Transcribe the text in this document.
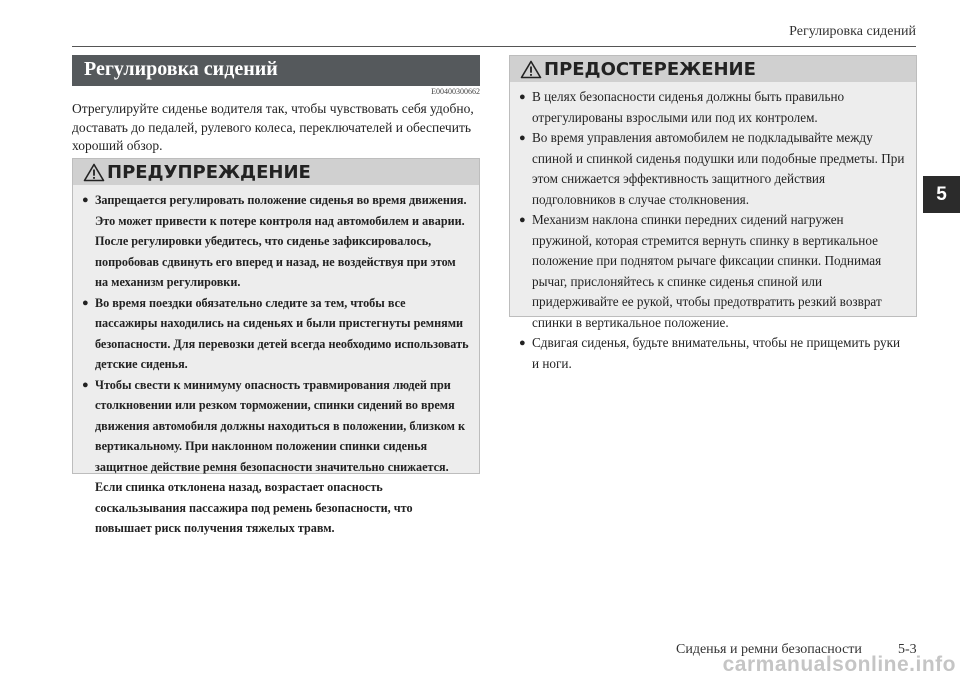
Регулировка сидений
Регулировка сидений
E00400300662
Отрегулируйте сиденье водителя так, чтобы чувствовать себя удобно, доставать до педалей, рулевого колеса, переключателей и обеспечить хороший обзор.
ПРЕДУПРЕЖДЕНИЕ
● Запрещается регулировать положение сиденья во время движения. Это может привести к потере контроля над автомобилем и аварии. После регулировки убедитесь, что сиденье зафиксировалось, попробовав сдвинуть его вперед и назад, не воздействуя при этом на механизм регулировки.
● Во время поездки обязательно следите за тем, чтобы все пассажиры находились на сиденьях и были пристегнуты ремнями безопасности. Для перевозки детей всегда необходимо использовать детские сиденья.
● Чтобы свести к минимуму опасность травмирования людей при столкновении или резком торможении, спинки сидений во время движения автомобиля должны находиться в положении, близком к вертикальному. При наклонном положении спинки сиденья защитное действие ремня безопасности значительно снижается. Если спинка отклонена назад, возрастает опасность соскальзывания пассажира под ремень безопасности, что повышает риск получения тяжелых травм.
ПРЕДОСТЕРЕЖЕНИЕ
● В целях безопасности сиденья должны быть правильно отрегулированы взрослыми или под их контролем.
● Во время управления автомобилем не подкладывайте между спиной и спинкой сиденья подушки или подобные предметы. При этом снижается эффективность защитного действия подголовников в случае столкновения.
● Механизм наклона спинки передних сидений нагружен пружиной, которая стремится вернуть спинку в вертикальное положение при поднятом рычаге фиксации спинки. Поднимая рычаг, прислоняйтесь к спинке сиденья спиной или придерживайте ее рукой, чтобы предотвратить резкий возврат спинки в вертикальное положение.
● Сдвигая сиденья, будьте внимательны, чтобы не прищемить руки и ноги.
5
Сиденья и ремни безопасности	5-3
carmanualsonline.info
